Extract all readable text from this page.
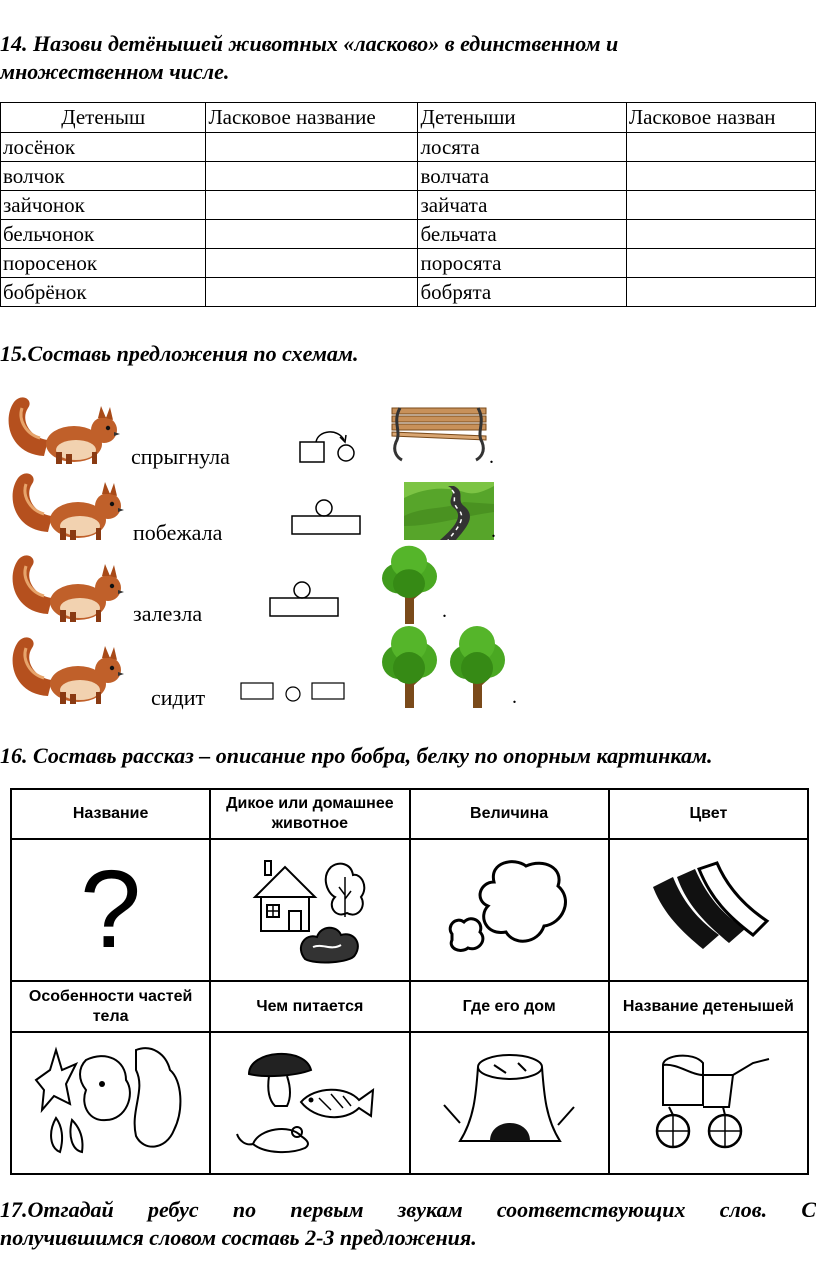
14. Назови детёнышей животных «ласково» в единственном и
множественном числе.
Детеныш	Ласковое название	Детеныши	Ласковое назван
лосёнок		лосята	
волчок		волчата	
зайчонок		зайчата	
бельчонок		бельчата	
поросенок		поросята	
бобрёнок		бобрята	
15.Составь предложения по схемам.
спрыгнула	.
побежала	.
залезла	.
сидит	.
16. Составь рассказ – описание про бобра, белку по опорным картинкам.
Название	Дикое или домашнее животное	Величина	Цвет
?			
Особенности частей тела	Чем питается	Где его дом	Название детенышей

17.Отгадай ребус по первым звукам соответствующих слов. С
получившимся словом составь 2-3 предложения.
